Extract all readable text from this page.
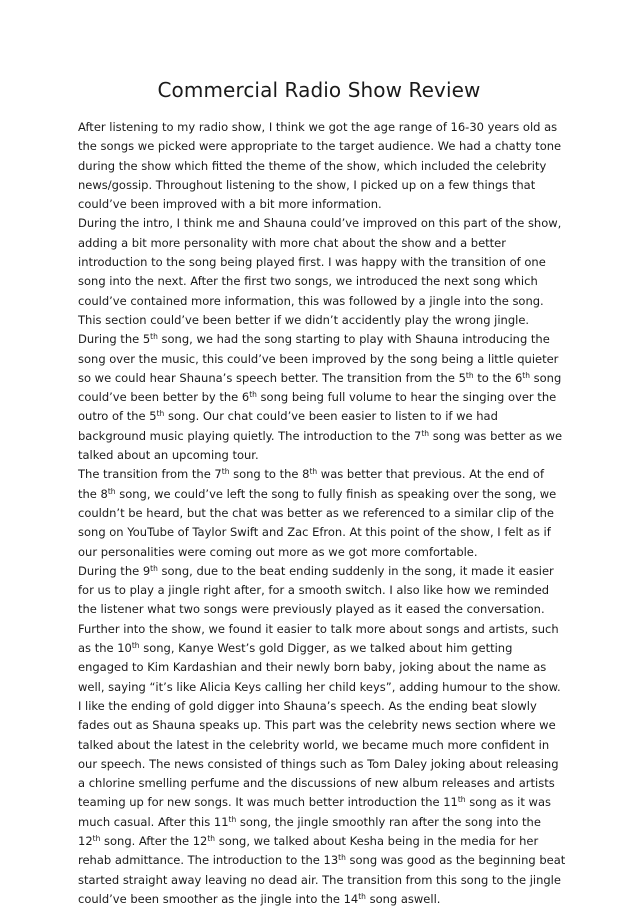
Commercial Radio Show Review

After listening to my radio show, I think we got the age range of 16-30 years old as the songs we picked were appropriate to the target audience. We had a chatty tone during the show which fitted the theme of the show, which included the celebrity news/gossip. Throughout listening to the show, I picked up on a few things that could’ve been improved with a bit more information.

During the intro, I think me and Shauna could’ve improved on this part of the show, adding a bit more personality with more chat about the show and a better introduction to the song being played first. I was happy with the transition of one song into the next. After the first two songs, we introduced the next song which could’ve contained more information, this was followed by a jingle into the song. This section could’ve been better if we didn’t accidently play the wrong jingle.

During the 5th song, we had the song starting to play with Shauna introducing the song over the music, this could’ve been improved by the song being a little quieter so we could hear Shauna’s speech better. The transition from the 5th to the 6th song could’ve been better by the 6th song being full volume to hear the singing over the outro of the 5th song. Our chat could’ve been easier to listen to if we had background music playing quietly. The introduction to the 7th song was better as we talked about an upcoming tour.

The transition from the 7th song to the 8th was better that previous. At the end of the 8th song, we could’ve left the song to fully finish as speaking over the song, we couldn’t be heard, but the chat was better as we referenced to a similar clip of the song on YouTube of Taylor Swift and Zac Efron. At this point of the show, I felt as if our personalities were coming out more as we got more comfortable.

During the 9th song, due to the beat ending suddenly in the song, it made it easier for us to play a jingle right after, for a smooth switch. I also like how we reminded the listener what two songs were previously played as it eased the conversation. Further into the show, we found it easier to talk more about songs and artists, such as the 10th song, Kanye West’s gold Digger, as we talked about him getting engaged to Kim Kardashian and their newly born baby, joking about the name as well, saying “it’s like Alicia Keys calling her child keys”, adding humour to the show.

I like the ending of gold digger into Shauna’s speech. As the ending beat slowly fades out as Shauna speaks up. This part was the celebrity news section where we talked about the latest in the celebrity world, we became much more confident in our speech. The news consisted of things such as Tom Daley joking about releasing a chlorine smelling perfume and the discussions of new album releases and artists teaming up for new songs. It was much better introduction the 11th song as it was much casual. After this 11th song, the jingle smoothly ran after the song into the 12th song. After the 12th song, we talked about Kesha being in the media for her rehab admittance. The introduction to the 13th song was good as the beginning beat started straight away leaving no dead air. The transition from this song to the jingle could’ve been smoother as the jingle into the 14th song aswell.
